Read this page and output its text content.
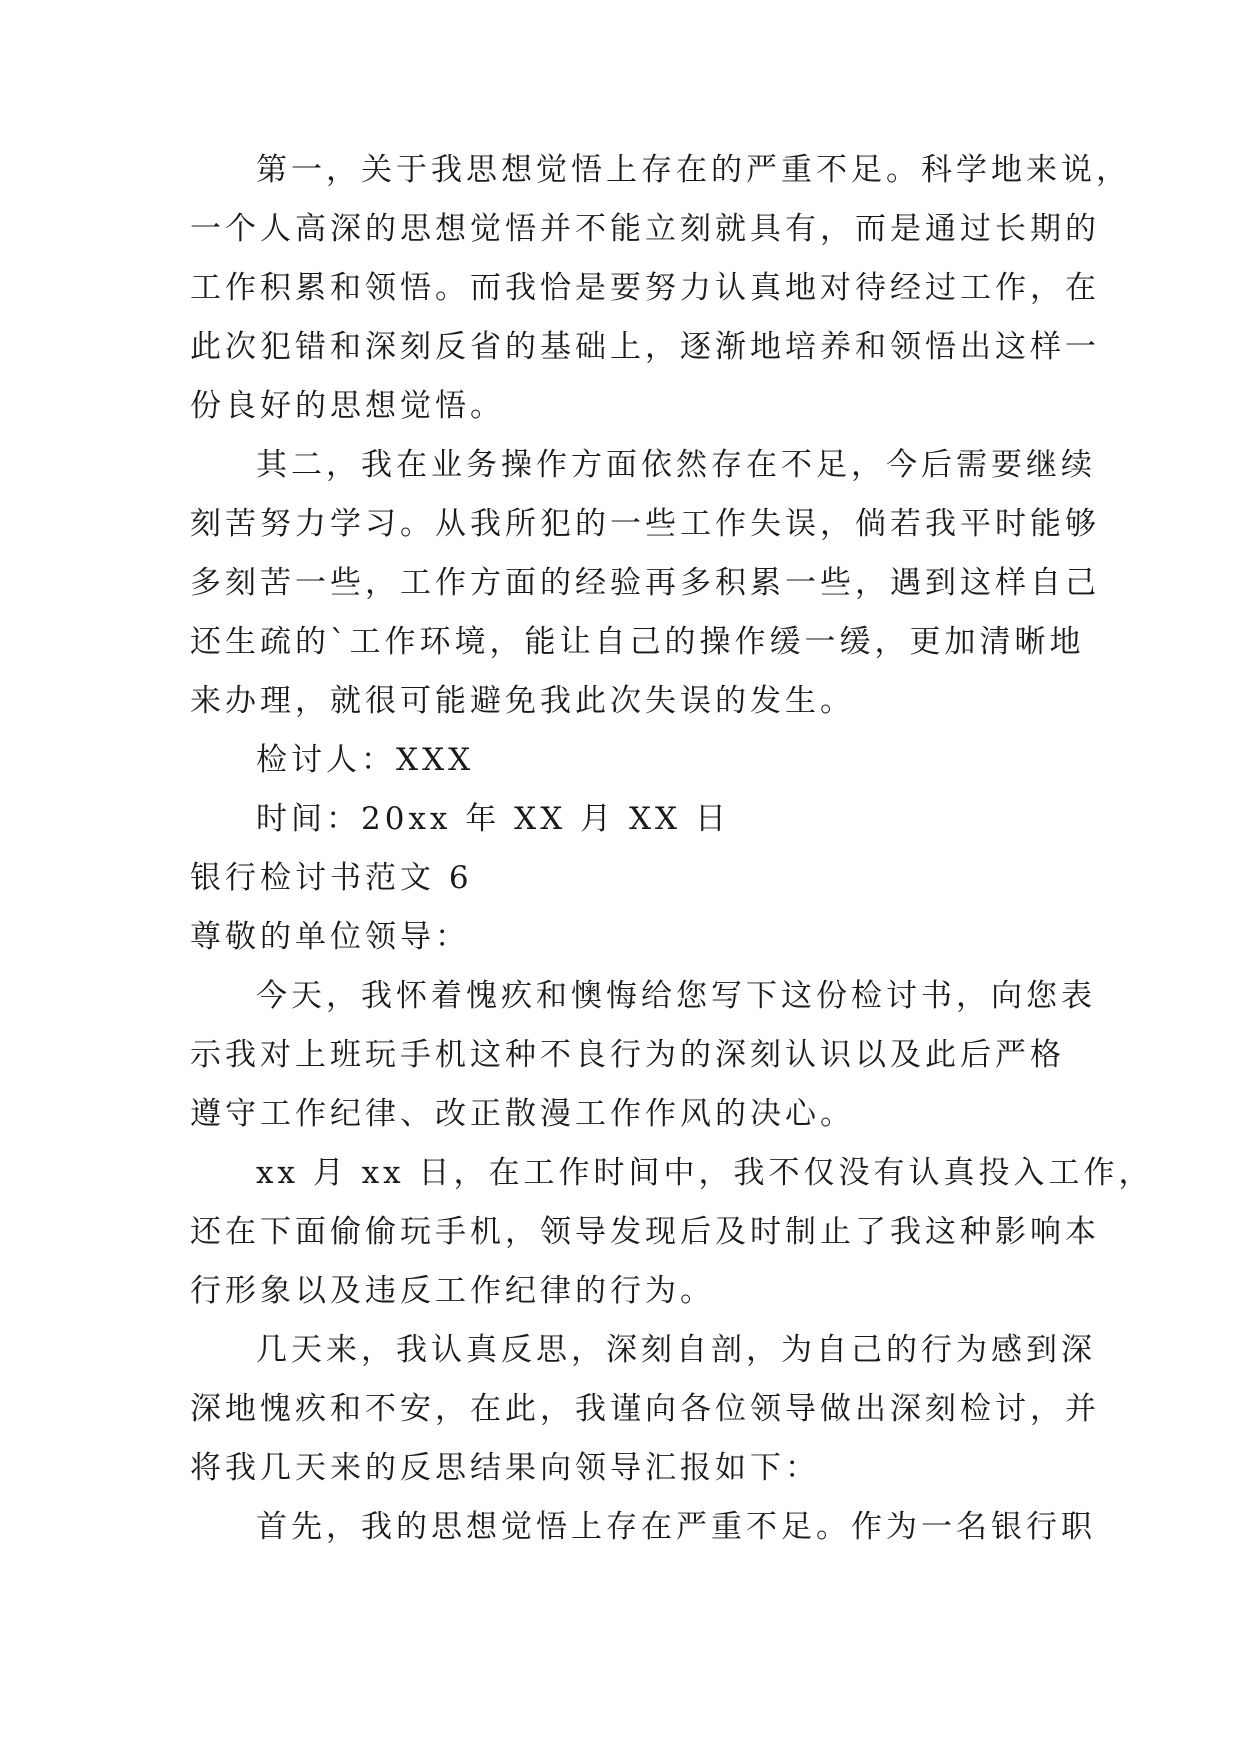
第一，关于我思想觉悟上存在的严重不足。科学地来说，
一个人高深的思想觉悟并不能立刻就具有，而是通过长期的
工作积累和领悟。而我恰是要努力认真地对待经过工作，在
此次犯错和深刻反省的基础上，逐渐地培养和领悟出这样一
份良好的思想觉悟。
其二，我在业务操作方面依然存在不足，今后需要继续
刻苦努力学习。从我所犯的一些工作失误，倘若我平时能够
多刻苦一些，工作方面的经验再多积累一些，遇到这样自己
还生疏的`工作环境，能让自己的操作缓一缓，更加清晰地
来办理，就很可能避免我此次失误的发生。
检讨人：XXX
时间：20xx 年 XX 月 XX 日
银行检讨书范文 6
尊敬的单位领导：
今天，我怀着愧疚和懊悔给您写下这份检讨书，向您表
示我对上班玩手机这种不良行为的深刻认识以及此后严格
遵守工作纪律、改正散漫工作作风的决心。
xx 月 xx 日，在工作时间中，我不仅没有认真投入工作，
还在下面偷偷玩手机，领导发现后及时制止了我这种影响本
行形象以及违反工作纪律的行为。
几天来，我认真反思，深刻自剖，为自己的行为感到深
深地愧疚和不安，在此，我谨向各位领导做出深刻检讨，并
将我几天来的反思结果向领导汇报如下：
首先，我的思想觉悟上存在严重不足。作为一名银行职
